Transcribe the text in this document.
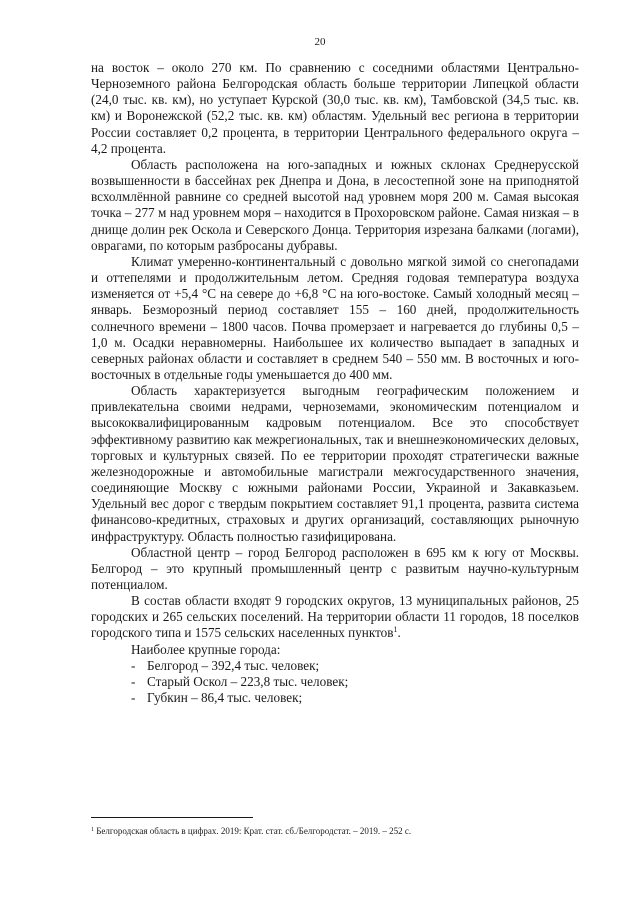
20

на восток – около 270 км. По сравнению с соседними областями Центрально-Черноземного района Белгородская область больше территории Липецкой области (24,0 тыс. кв. км), но уступает Курской (30,0 тыс. кв. км), Тамбовской (34,5 тыс. кв. км) и Воронежской (52,2 тыс. кв. км) областям. Удельный вес региона в территории России составляет 0,2 процента, в территории Центрального федерального округа – 4,2 процента.

Область расположена на юго-западных и южных склонах Среднерусской возвышенности в бассейнах рек Днепра и Дона, в лесостепной зоне на приподнятой всхолмлённой равнине со средней высотой над уровнем моря 200 м. Самая высокая точка – 277 м над уровнем моря – находится в Прохоровском районе. Самая низкая – в днище долин рек Оскола и Северского Донца. Территория изрезана балками (логами), оврагами, по которым разбросаны дубравы.

Климат умеренно-континентальный с довольно мягкой зимой со снегопадами и оттепелями и продолжительным летом. Средняя годовая температура воздуха изменяется от +5,4 °С на севере до +6,8 °С на юго-востоке. Самый холодный месяц – январь. Безморозный период составляет 155 – 160 дней, продолжительность солнечного времени – 1800 часов. Почва промерзает и нагревается до глубины 0,5 – 1,0 м. Осадки неравномерны. Наибольшее их количество выпадает в западных и северных районах области и составляет в среднем 540 – 550 мм. В восточных и юго-восточных в отдельные годы уменьшается до 400 мм.

Область характеризуется выгодным географическим положением и привлекательна своими недрами, черноземами, экономическим потенциалом и высококвалифицированным кадровым потенциалом. Все это способствует эффективному развитию как межрегиональных, так и внешнеэкономических деловых, торговых и культурных связей. По ее территории проходят стратегически важные железнодорожные и автомобильные магистрали межгосударственного значения, соединяющие Москву с южными районами России, Украиной и Закавказьем. Удельный вес дорог с твердым покрытием составляет 91,1 процента, развита система финансово-кредитных, страховых и других организаций, составляющих рыночную инфраструктуру. Область полностью газифицирована.

Областной центр – город Белгород расположен в 695 км к югу от Москвы. Белгород – это крупный промышленный центр с развитым научно-культурным потенциалом.

В состав области входят 9 городских округов, 13 муниципальных районов, 25 городских и 265 сельских поселений. На территории области 11 городов, 18 поселков городского типа и 1575 сельских населенных пунктов$^1$.

Наиболее крупные города:

- Белгород – 392,4 тыс. человек;
- Старый Оскол – 223,8 тыс. человек;
- Губкин – 86,4 тыс. человек;
$^1$ Белгородская область в цифрах. 2019: Крат. стат. сб./Белгородстат. – 2019. – 252 с.
